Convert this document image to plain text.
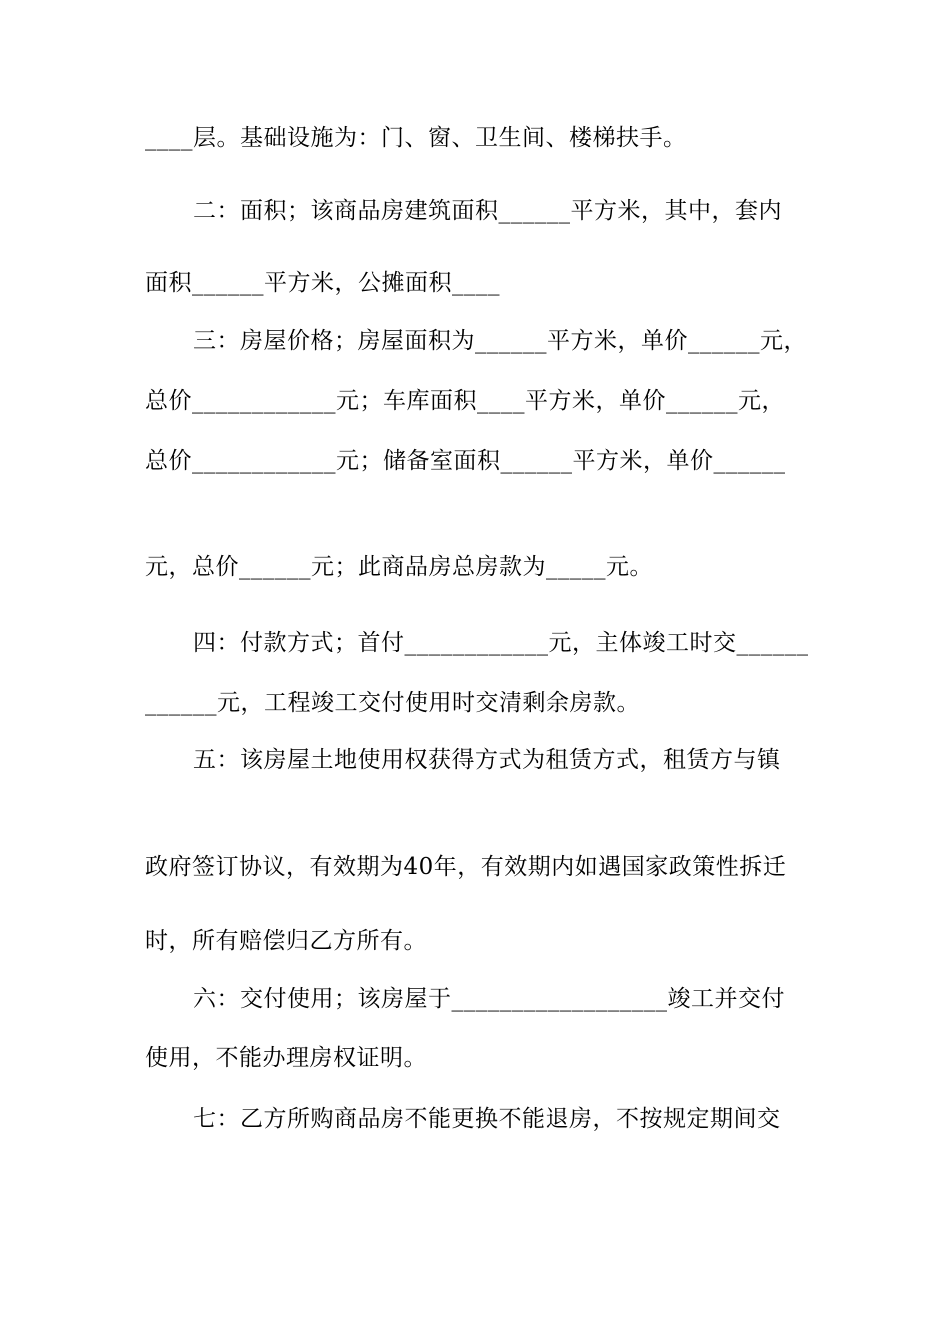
____层。基础设施为：门、窗、卫生间、楼梯扶手。
二：面积；该商品房建筑面积______平方米，其中，套内
面积______平方米，公摊面积____
三：房屋价格；房屋面积为______平方米，单价______元，
总价____________元；车库面积____平方米，单价______元，
总价____________元；储备室面积______平方米，单价______
元，总价______元；此商品房总房款为_____元。
四：付款方式；首付____________元，主体竣工时交______
______元，工程竣工交付使用时交清剩余房款。
五：该房屋土地使用权获得方式为租赁方式，租赁方与镇
政府签订协议，有效期为40年，有效期内如遇国家政策性拆迁
时，所有赔偿归乙方所有。
六：交付使用；该房屋于__________________竣工并交付
使用，不能办理房权证明。
七：乙方所购商品房不能更换不能退房，不按规定期间交
